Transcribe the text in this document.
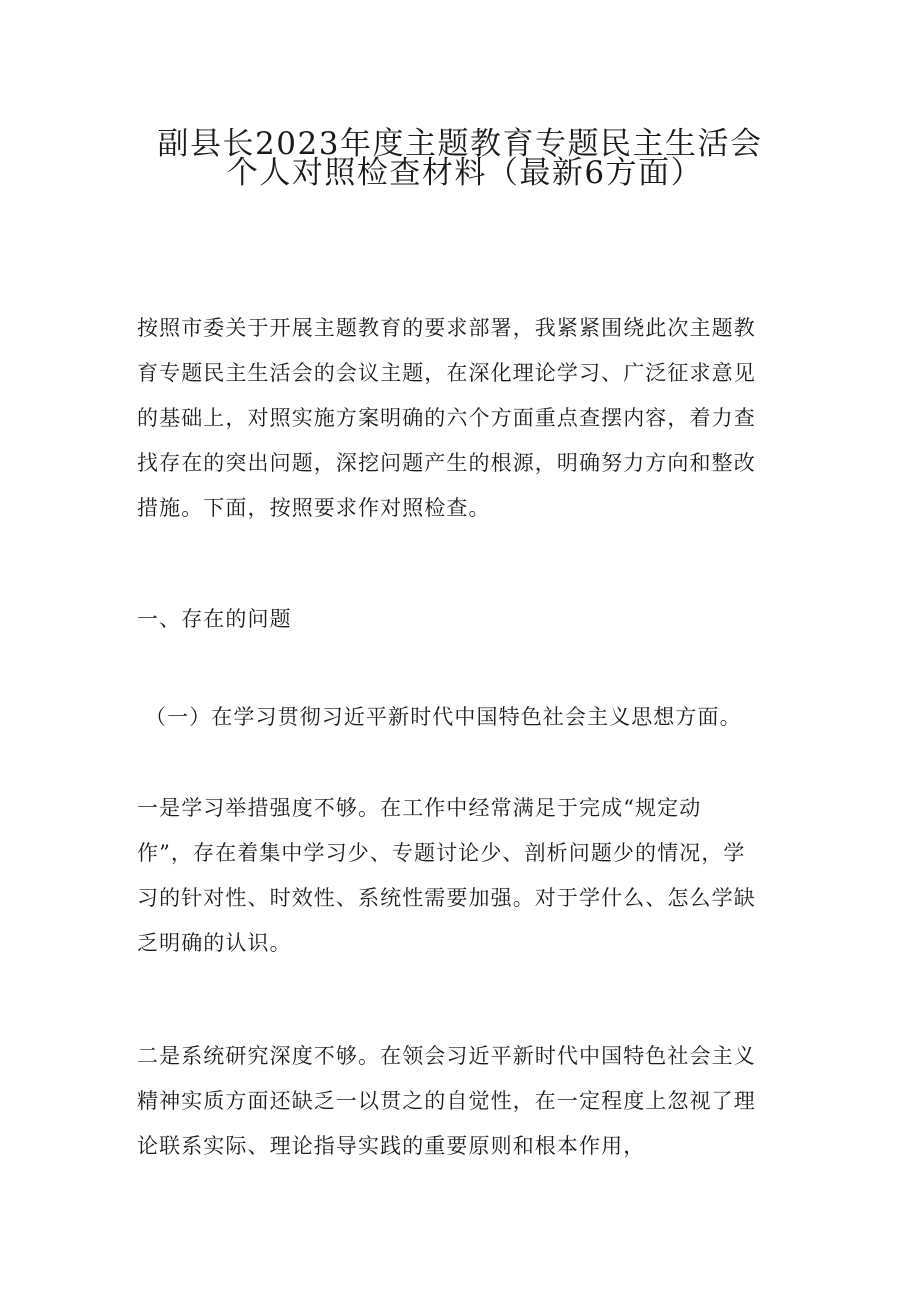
副县长2023年度主题教育专题民主生活会
个人对照检查材料（最新6方面）
按照市委关于开展主题教育的要求部署，我紧紧围绕此次主题教
育专题民主生活会的会议主题，在深化理论学习、广泛征求意见
的基础上，对照实施方案明确的六个方面重点查摆内容，着力查
找存在的突出问题，深挖问题产生的根源，明确努力方向和整改
措施。下面，按照要求作对照检查。
一、存在的问题
（一）在学习贯彻习近平新时代中国特色社会主义思想方面。
一是学习举措强度不够。在工作中经常满足于完成“规定动
作”，存在着集中学习少、专题讨论少、剖析问题少的情况，学
习的针对性、时效性、系统性需要加强。对于学什么、怎么学缺
乏明确的认识。
二是系统研究深度不够。在领会习近平新时代中国特色社会主义
精神实质方面还缺乏一以贯之的自觉性，在一定程度上忽视了理
论联系实际、理论指导实践的重要原则和根本作用，
